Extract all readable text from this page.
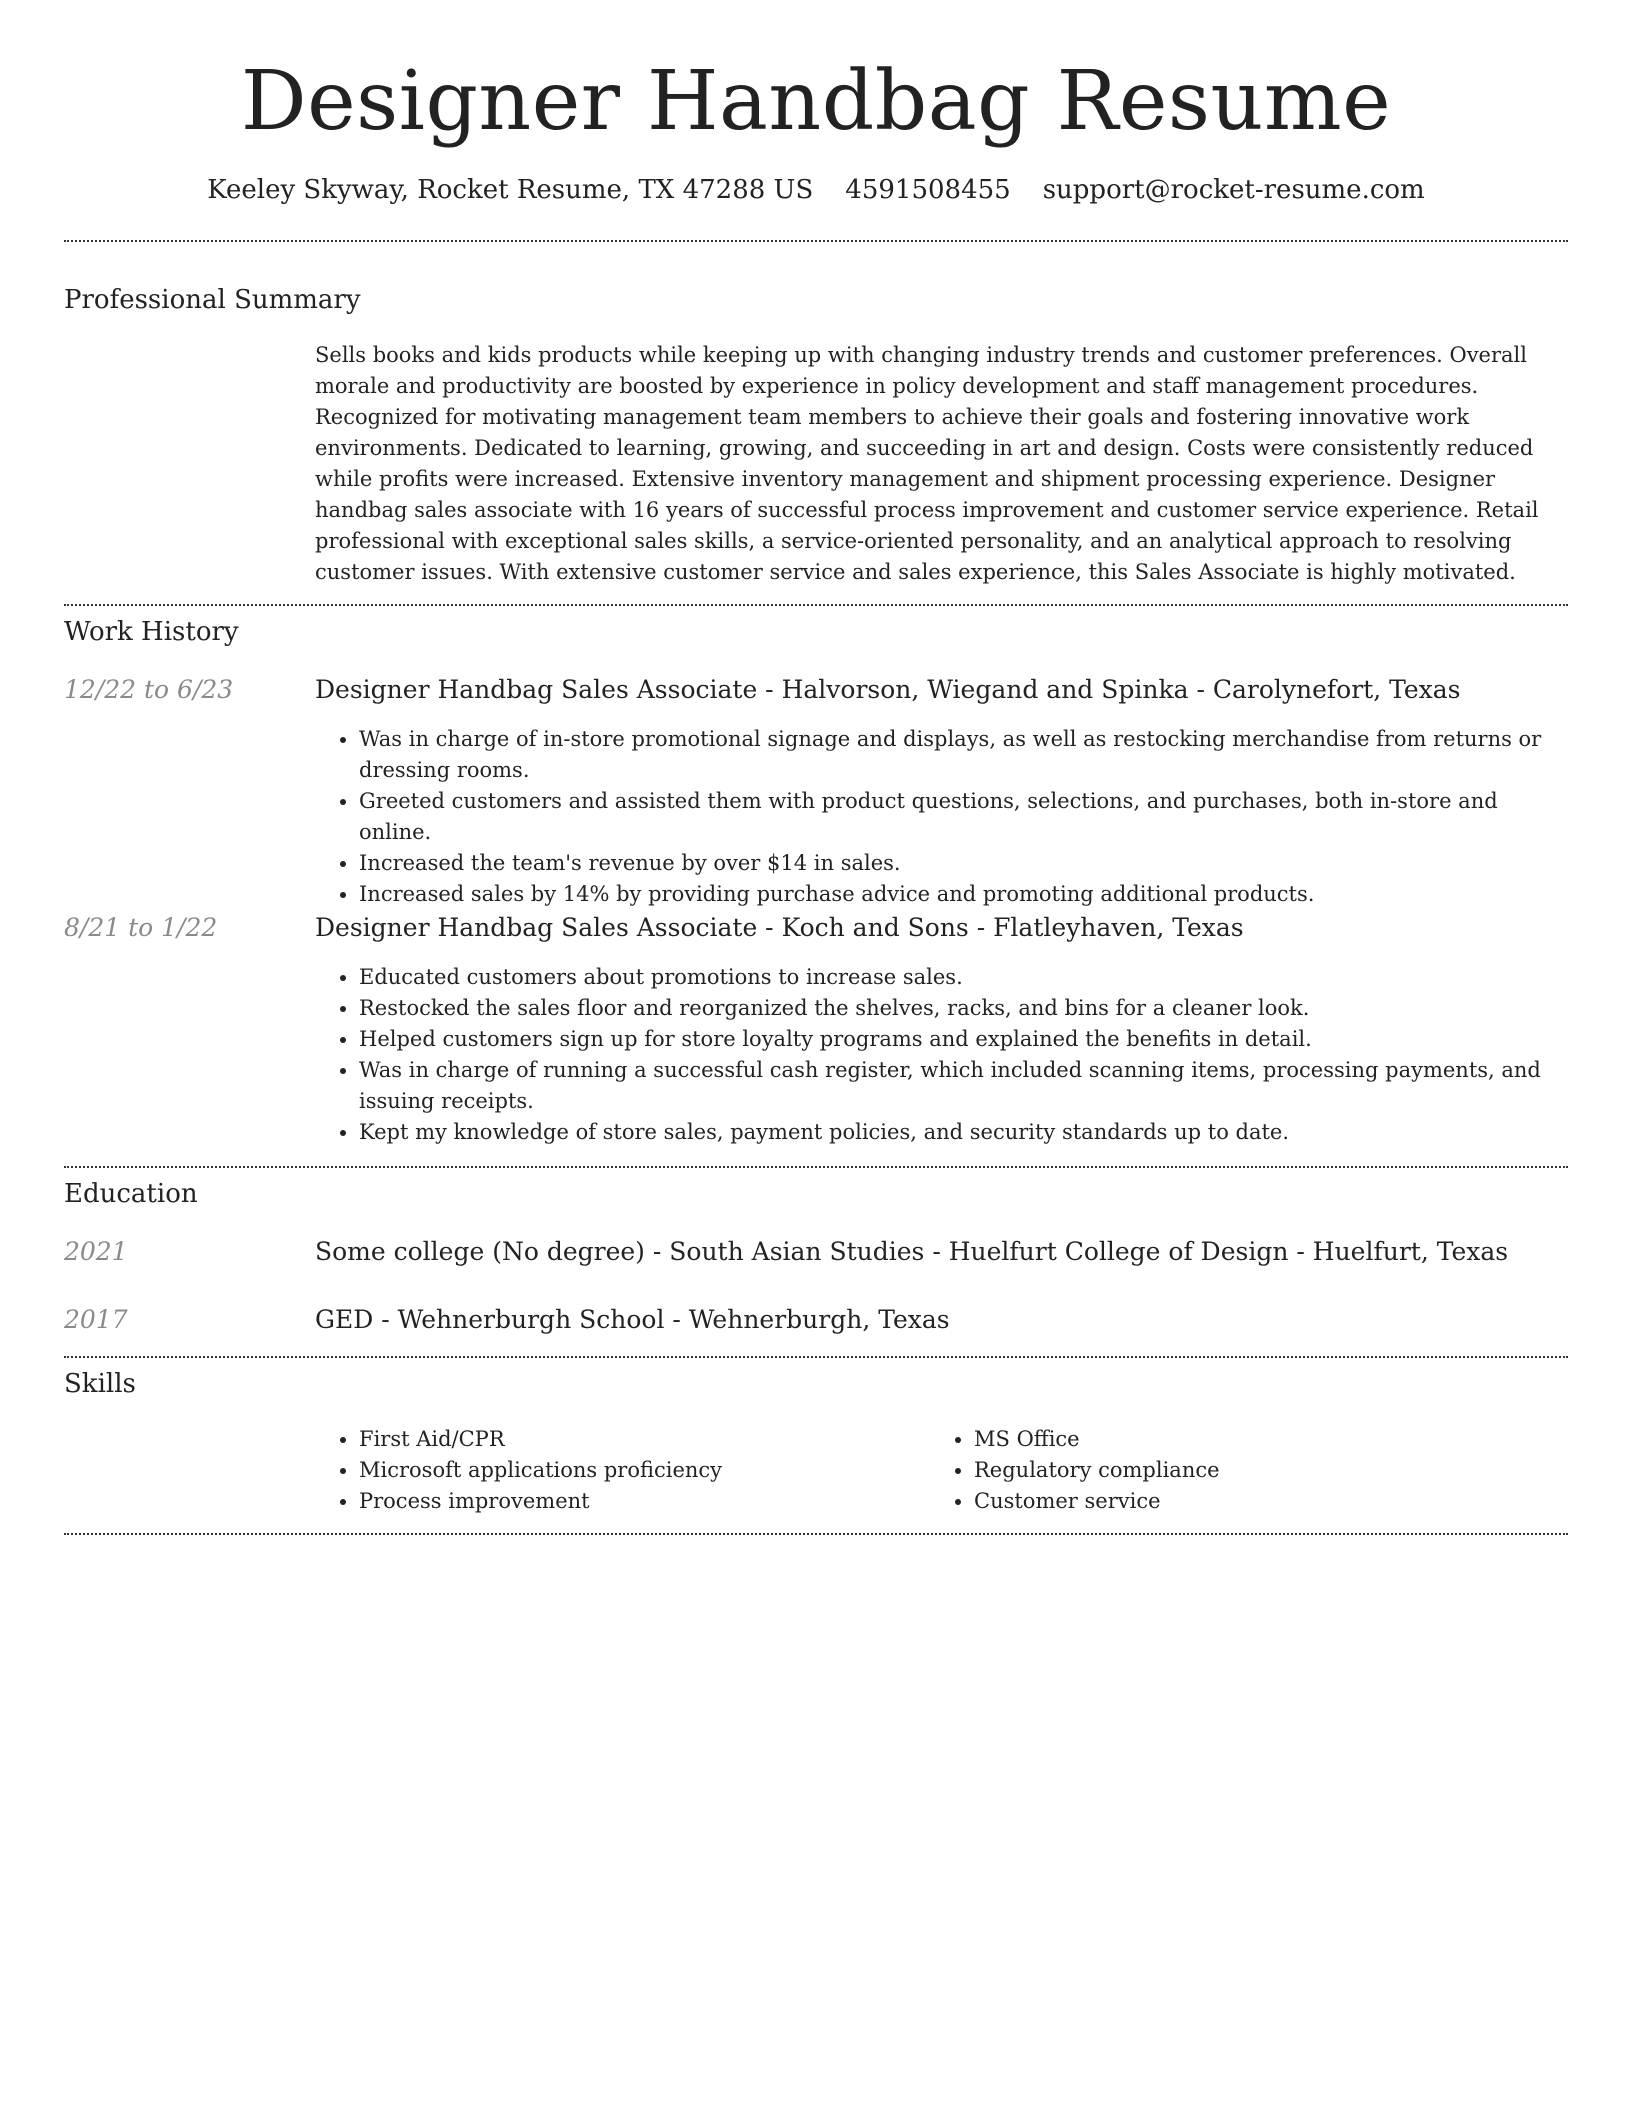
Designer Handbag Resume
Keeley Skyway, Rocket Resume, TX 47288 US 4591508455 support@rocket-resume.com
Professional Summary
Sells books and kids products while keeping up with changing industry trends and customer preferences. Overall morale and productivity are boosted by experience in policy development and staff management procedures. Recognized for motivating management team members to achieve their goals and fostering innovative work environments. Dedicated to learning, growing, and succeeding in art and design. Costs were consistently reduced while profits were increased. Extensive inventory management and shipment processing experience. Designer handbag sales associate with 16 years of successful process improvement and customer service experience. Retail professional with exceptional sales skills, a service-oriented personality, and an analytical approach to resolving customer issues. With extensive customer service and sales experience, this Sales Associate is highly motivated.
Work History
12/22 to 6/23	Designer Handbag Sales Associate - Halvorson, Wiegand and Spinka - Carolynefort, Texas
• Was in charge of in-store promotional signage and displays, as well as restocking merchandise from returns or dressing rooms.
• Greeted customers and assisted them with product questions, selections, and purchases, both in-store and online.
• Increased the team's revenue by over $14 in sales.
• Increased sales by 14% by providing purchase advice and promoting additional products.
8/21 to 1/22	Designer Handbag Sales Associate - Koch and Sons - Flatleyhaven, Texas
• Educated customers about promotions to increase sales.
• Restocked the sales floor and reorganized the shelves, racks, and bins for a cleaner look.
• Helped customers sign up for store loyalty programs and explained the benefits in detail.
• Was in charge of running a successful cash register, which included scanning items, processing payments, and issuing receipts.
• Kept my knowledge of store sales, payment policies, and security standards up to date.
Education
2021	Some college (No degree) - South Asian Studies - Huelfurt College of Design - Huelfurt, Texas
2017	GED - Wehnerburgh School - Wehnerburgh, Texas
Skills
• First Aid/CPR
• Microsoft applications proficiency
• Process improvement
• MS Office
• Regulatory compliance
• Customer service
